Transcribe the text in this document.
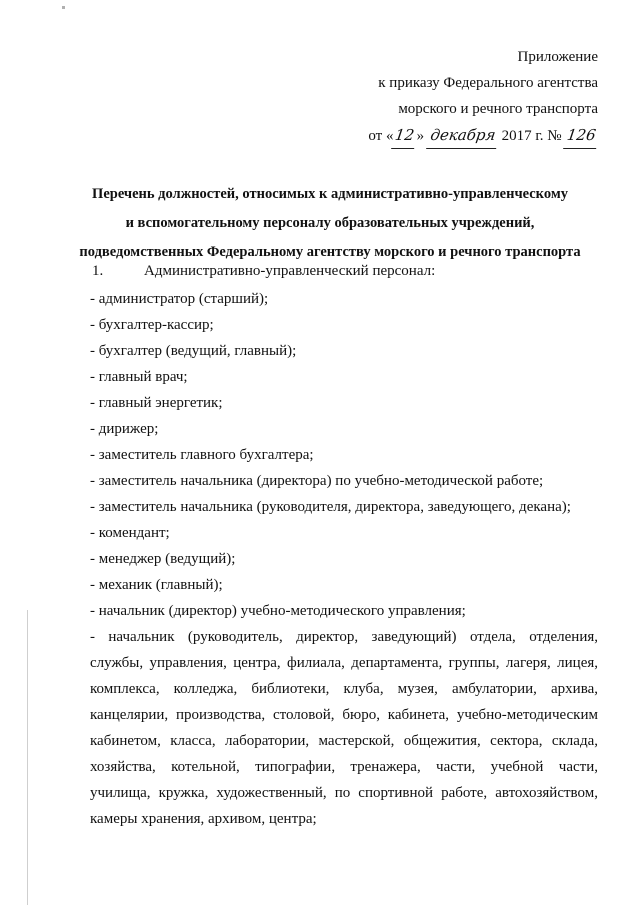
Приложение
к приказу Федерального агентства
морского и речного транспорта
от «12» декабря 2017 г. № 126
Перечень должностей, относимых к административно-управленческому
и вспомогательному персоналу образовательных учреждений,
подведомственных Федеральному агентству морского и речного транспорта
1.	Административно-управленческий персонал:
- администратор (старший);
- бухгалтер-кассир;
- бухгалтер (ведущий, главный);
- главный врач;
- главный энергетик;
- дирижер;
- заместитель главного бухгалтера;
- заместитель начальника (директора) по учебно-методической работе;
- заместитель начальника (руководителя, директора, заведующего, декана);
- комендант;
- менеджер (ведущий);
- механик (главный);
- начальник (директор) учебно-методического управления;
- начальник (руководитель, директор, заведующий) отдела, отделения,
службы, управления, центра, филиала, департамента, группы, лагеря, лицея,
комплекса, колледжа, библиотеки, клуба, музея, амбулатории, архива,
канцелярии, производства, столовой, бюро, кабинета, учебно-методическим
кабинетом, класса, лаборатории, мастерской, общежития, сектора, склада,
хозяйства, котельной, типографии, тренажера, части, учебной части,
училища, кружка, художественный, по спортивной работе, автохозяйством,
камеры хранения, архивом, центра;
